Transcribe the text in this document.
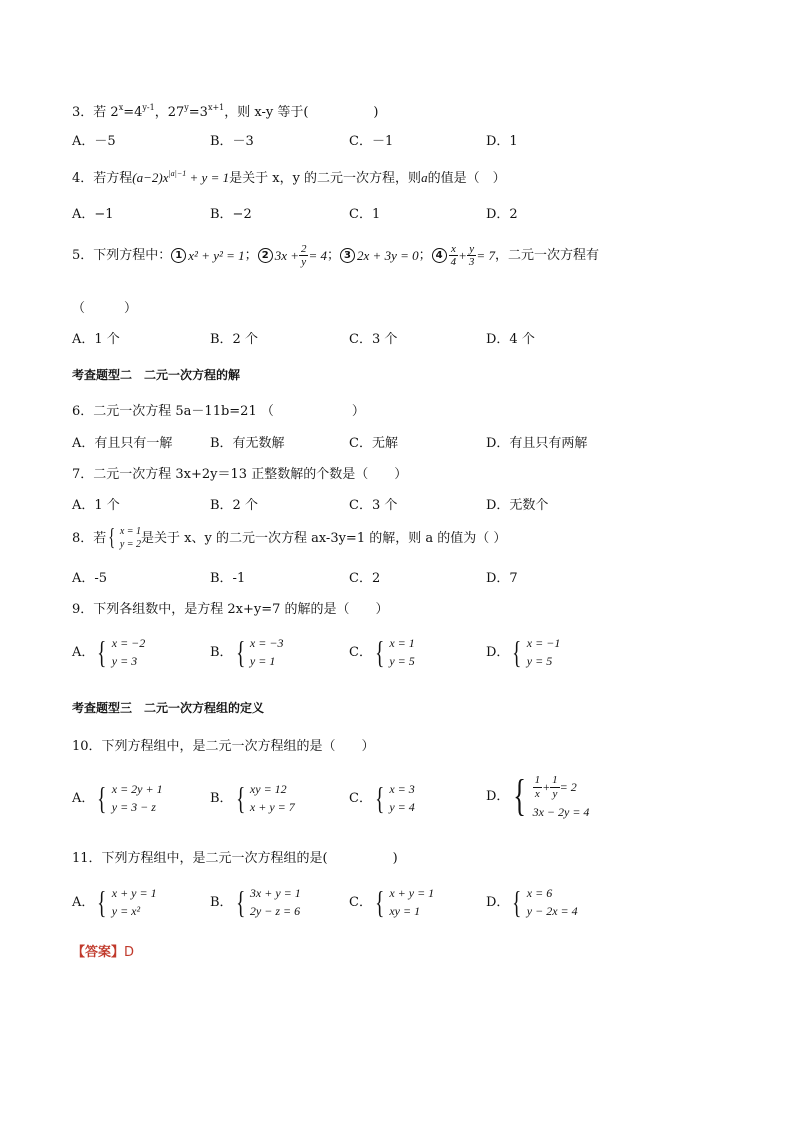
3．若 $2^x=4^{y-1}$，$27^y=3^{x+1}$，则 x-y 等于(　　　　　)
A．－5	B．－3	C．－1	D．1
4．若方程$(a-2)x^{|a|-1} + y = 1$是关于 x，y 的二元一次方程，则a的值是（　）
A．−1	B．−2	C．1	D．2
5．下列方程中： 1 x² + y² = 1 ； 2 $3x + \frac{2}{y} = 4$ ； 3 2x + 3y = 0 ； $4 \frac{x}{4} + \frac{y}{3} = 7$ ，二元一次方程有
（　　　）
A．1 个	B．2 个	C．3 个	D．4 个
考查题型二　二元一次方程的解
6．二元一次方程 5a－11b=21 （　　　　　　）
A．有且只有一解	B．有无数解	C．无解	D．有且只有两解
7．二元一次方程 3x+2y＝13 正整数解的个数是（　　）
A．1 个	B．2 个	C．3 个	D．无数个
8．若 { x = 1
y = 2 是关于 x、y 的二元一次方程 ax-3y=1 的解，则 a 的值为（ ）
A．-5	B．-1	C．2	D．7
9．下列各组数中，是方程 2x+y=7 的解的是（　　）
A． { x = −2
y = 3
B． { x = −3
y = 1
C． { x = 1
y = 5
D． { x = −1
y = 5
考查题型三　二元一次方程组的定义
10．下列方程组中，是二元一次方程组的是（　　）
A． { x = 2y + 1
y = 3 − z
B． { xy = 12
x + y = 7
C． { x = 3
y = 4
D． { $\frac{1}{x} + \frac{1}{y} = 2$
3x − 2y = 4
11．下列方程组中，是二元一次方程组的是(　　　　　)
A． { x + y = 1
y = x²
B． { 3x + y = 1
2y − z = 6
C． { x + y = 1
xy = 1
D． { x = 6
y − 2x = 4
【答案】D
